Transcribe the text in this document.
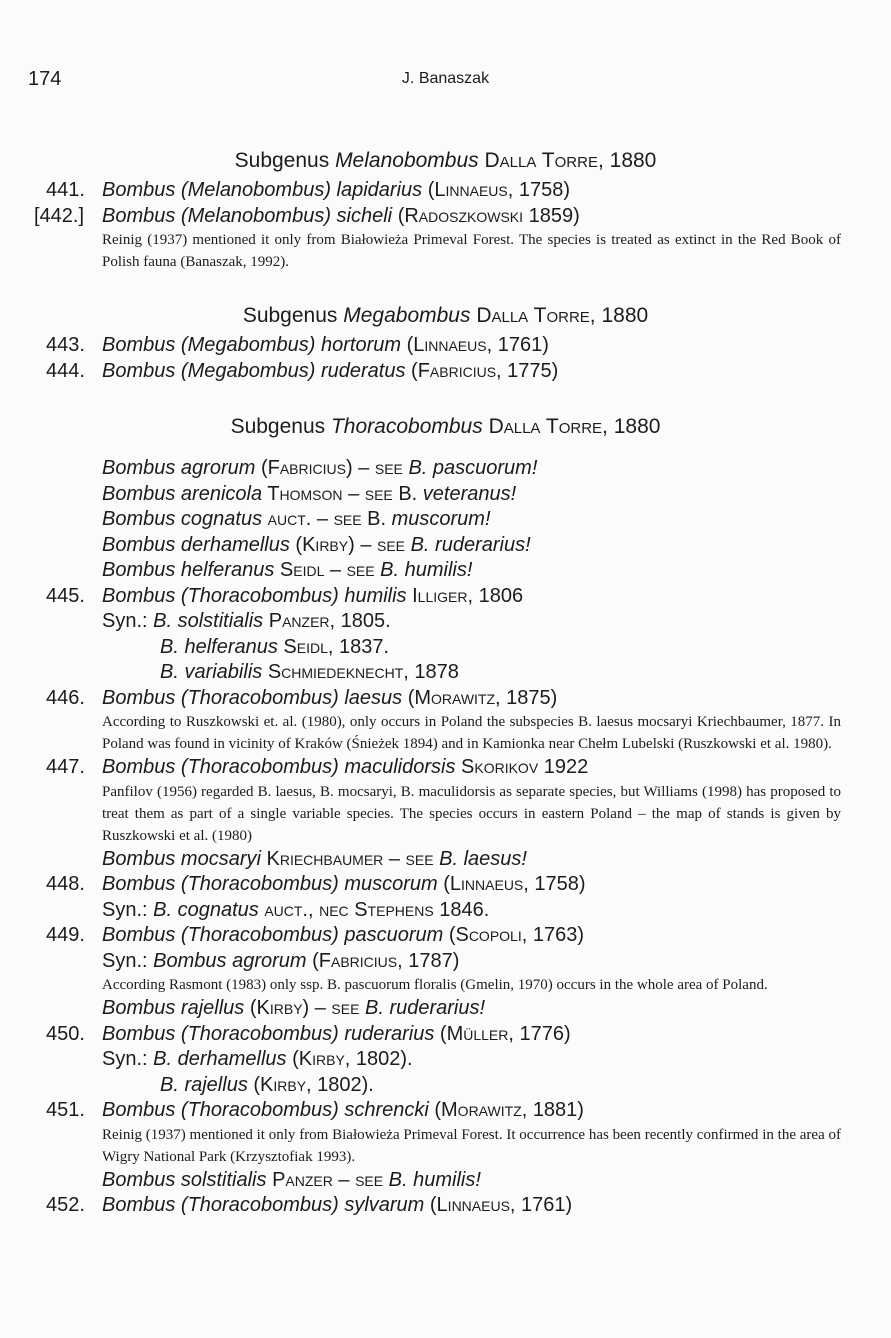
174	J. Banaszak
Subgenus Melanobombus Dalla Torre, 1880
441. Bombus (Melanobombus) lapidarius (Linnaeus, 1758)
[442.] Bombus (Melanobombus) sicheli (Radoszkowski 1859)
Reinig (1937) mentioned it only from Białowieża Primeval Forest. The species is treated as extinct in the Red Book of Polish fauna (Banaszak, 1992).
Subgenus Megabombus Dalla Torre, 1880
443. Bombus (Megabombus) hortorum (Linnaeus, 1761)
444. Bombus (Megabombus) ruderatus (Fabricius, 1775)
Subgenus Thoracobombus Dalla Torre, 1880
Bombus agrorum (Fabricius) – see B. pascuorum!
Bombus arenicola Thomson – see B. veteranus!
Bombus cognatus auct. – see B. muscorum!
Bombus derhamellus (Kirby) – see B. ruderarius!
Bombus helferanus Seidl – see B. humilis!
445. Bombus (Thoracobombus) humilis Illiger, 1806
Syn.: B. solstitialis Panzer, 1805.
B. helferanus Seidl, 1837.
B. variabilis Schmiedeknecht, 1878
446. Bombus (Thoracobombus) laesus (Morawitz, 1875)
According to Ruszkowski et. al. (1980), only occurs in Poland the subspecies B. laesus mocsaryi Kriechbaumer, 1877. In Poland was found in vicinity of Kraków (Śnieżek 1894) and in Kamionka near Chełm Lubelski (Ruszkowski et al. 1980).
447. Bombus (Thoracobombus) maculidorsis Skorikov 1922
Panfilov (1956) regarded B. laesus, B. mocsaryi, B. maculidorsis as separate species, but Williams (1998) has proposed to treat them as part of a single variable species. The species occurs in eastern Poland – the map of stands is given by Ruszkowski et al. (1980)
Bombus mocsaryi Kriechbaumer – see B. laesus!
448. Bombus (Thoracobombus) muscorum (Linnaeus, 1758)
Syn.: B. cognatus auct., nec Stephens 1846.
449. Bombus (Thoracobombus) pascuorum (Scopoli, 1763)
Syn.: Bombus agrorum (Fabricius, 1787)
According Rasmont (1983) only ssp. B. pascuorum floralis (Gmelin, 1970) occurs in the whole area of Poland.
Bombus rajellus (Kirby) – see B. ruderarius!
450. Bombus (Thoracobombus) ruderarius (Müller, 1776)
Syn.: B. derhamellus (Kirby, 1802).
B. rajellus (Kirby, 1802).
451. Bombus (Thoracobombus) schrencki (Morawitz, 1881)
Reinig (1937) mentioned it only from Białowieża Primeval Forest. It occurrence has been recently confirmed in the area of Wigry National Park (Krzysztofiak 1993).
Bombus solstitialis Panzer – see B. humilis!
452. Bombus (Thoracobombus) sylvarum (Linnaeus, 1761)
